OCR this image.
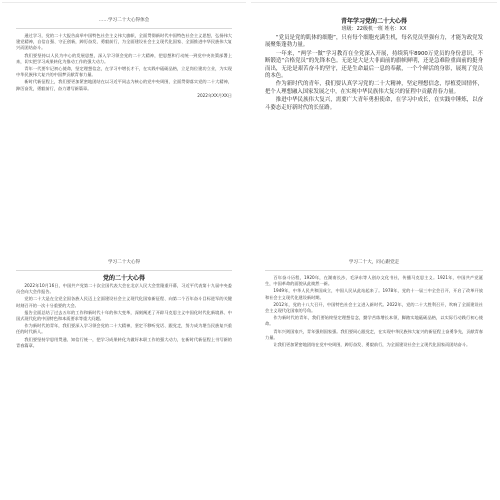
……学习二十大心得体会

通过学习，党的二十大报告高举中国特色社会主义伟大旗帜，全面贯彻新时代中国特色社会主义思想，弘扬伟大建党精神，自信自强、守正创新，踔厉奋发、勇毅前行，为全面建设社会主义现代化国家、全面推进中华民族伟大复兴而团结奋斗。

我们要坚持以人民为中心的发展思想，深入学习领会党的二十大精神，把思想和行动统一到党中央决策部署上来，切实把学习成果转化为推动工作的强大动力。

青年一代要牢记初心使命，坚定理想信念，在学习中增长才干，在实践中砥砺品格，立足岗位建功立业，为实现中华民族伟大复兴的中国梦贡献青春力量。

新时代新征程上，我们要更加紧密地团结在以习近平同志为核心的党中央周围，全面贯彻落实党的二十大精神，踔厉奋发，勇毅前行，奋力谱写新篇章。

2022年XX月XX日

青年学习党的二十大心得
班级：22级机一班 姓名：XX

“党员是党的肌体的细胞”，只有每个细胞充满生机，每名党员坚强有力，才能为政党发展聚集蓬勃力量。

一年来，“两学一做”学习教育在全党深入开展，持续筑牢8900万党员的身份意识，不断锻造“合格党员”的先锋本色。无论是大是大非面前的旗帜鲜明，还是急难险重面前的挺身而出，无论是艰苦奋斗的坚守，还是生命最后一息的奉献，一个个鲜活的身影，展现了党员的本色。

作为新时代的青年，我们要认真学习党的二十大精神，坚定理想信念，厚植爱国情怀，把个人理想融入国家发展之中，在实现中华民族伟大复兴的征程中贡献青春力量。

推进中华民族伟大复兴，需要广大青年勇担使命，在学习中成长，在实践中锤炼，以奋斗姿态走好新时代的长征路。

学习二十大心得
党的二十大心得

2022年10月16日，中国共产党第二十次全国代表大会在北京人民大会堂隆重开幕，习近平代表第十九届中央委员会向大会作报告。

党的二十大是在全党全国各族人民迈上全面建设社会主义现代化国家新征程、向第二个百年奋斗目标进军的关键时刻召开的一次十分重要的大会。

报告全面总结了过去五年的工作和新时代十年的伟大变革，深刻阐述了开辟马克思主义中国化时代化新境界、中国式现代化的中国特色和本质要求等重大问题。

作为新时代的青年，我们要深入学习领会党的二十大精神，坚定不移听党话、跟党走，努力成为堪当民族复兴重任的时代新人。

我们要坚持学思用贯通、知信行统一，把学习成果转化为做好本职工作的强大动力，在新时代新征程上书写新的青春篇章。

学习二十大，同心跟党走

百年奋斗历程，1920年，在湖南长沙，毛泽东等人创办文化书社，传播马克思主义。1921年，中国共产党诞生，中国革命的面貌从此焕然一新。

1949年，中华人民共和国成立，中国人民从此站起来了。1978年，党的十一届三中全会召开，开启了改革开放和社会主义现代化建设新时期。

2012年，党的十八大召开，中国特色社会主义进入新时代。2022年，党的二十大胜利召开，吹响了全面建设社会主义现代化国家的号角。

作为新时代的青年，我们要始终坚定理想信念，勤学苦练增长本领，脚踏实地砥砺品格，以实际行动践行初心使命。

青年兴则国家兴，青年强则国家强。我们要同心跟党走，在实现中华民族伟大复兴的新征程上奋勇争先，贡献青春力量。

让我们更加紧密地团结在党中央周围，踔厉奋发、勇毅前行，为全面建设社会主义现代化国家而团结奋斗。
